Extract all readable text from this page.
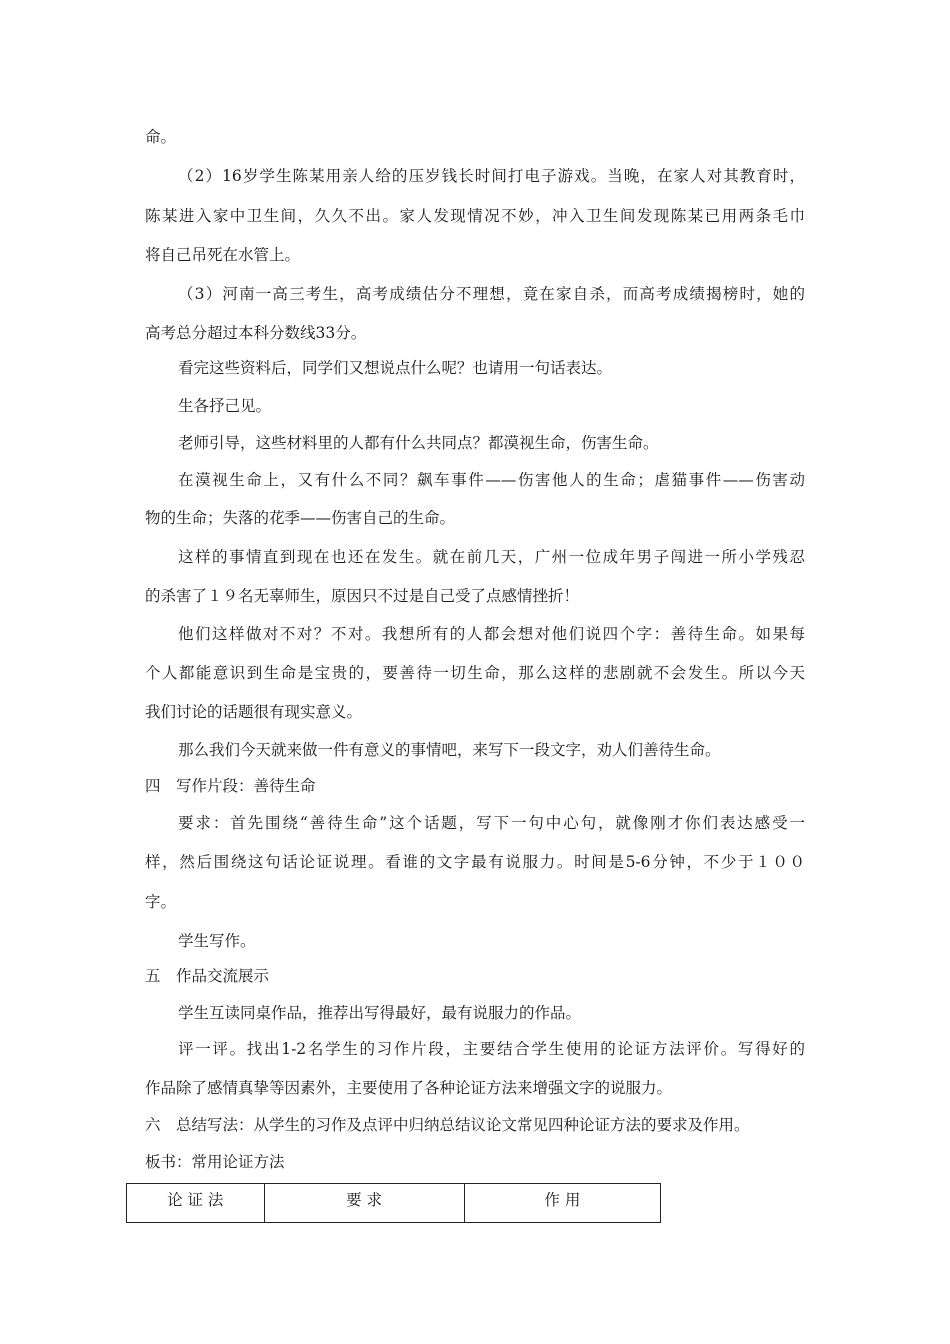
命。
（2）16岁学生陈某用亲人给的压岁钱长时间打电子游戏。当晚，在家人对其教育时，
陈某进入家中卫生间，久久不出。家人发现情况不妙，冲入卫生间发现陈某已用两条毛巾
将自己吊死在水管上。
（3）河南一高三考生，高考成绩估分不理想，竟在家自杀，而高考成绩揭榜时，她的
高考总分超过本科分数线33分。
看完这些资料后，同学们又想说点什么呢？也请用一句话表达。
生各抒己见。
老师引导，这些材料里的人都有什么共同点？都漠视生命，伤害生命。
在漠视生命上，又有什么不同？飙车事件——伤害他人的生命；虐猫事件——伤害动
物的生命；失落的花季——伤害自己的生命。
这样的事情直到现在也还在发生。就在前几天，广州一位成年男子闯进一所小学残忍
的杀害了１９名无辜师生，原因只不过是自己受了点感情挫折！
他们这样做对不对？不对。我想所有的人都会想对他们说四个字：善待生命。如果每
个人都能意识到生命是宝贵的，要善待一切生命，那么这样的悲剧就不会发生。所以今天
我们讨论的话题很有现实意义。
那么我们今天就来做一件有意义的事情吧，来写下一段文字，劝人们善待生命。
四　写作片段：善待生命
要求：首先围绕“善待生命”这个话题，写下一句中心句，就像刚才你们表达感受一
样，然后围绕这句话论证说理。看谁的文字最有说服力。时间是5-6分钟，不少于１００
字。
学生写作。
五　作品交流展示
学生互读同桌作品，推荐出写得最好，最有说服力的作品。
评一评。找出1-2名学生的习作片段，主要结合学生使用的论证方法评价。写得好的
作品除了感情真挚等因素外，主要使用了各种论证方法来增强文字的说服力。
六　总结写法：从学生的习作及点评中归纳总结议论文常见四种论证方法的要求及作用。
板书：常用论证方法
论 证 法	要 求	作 用
